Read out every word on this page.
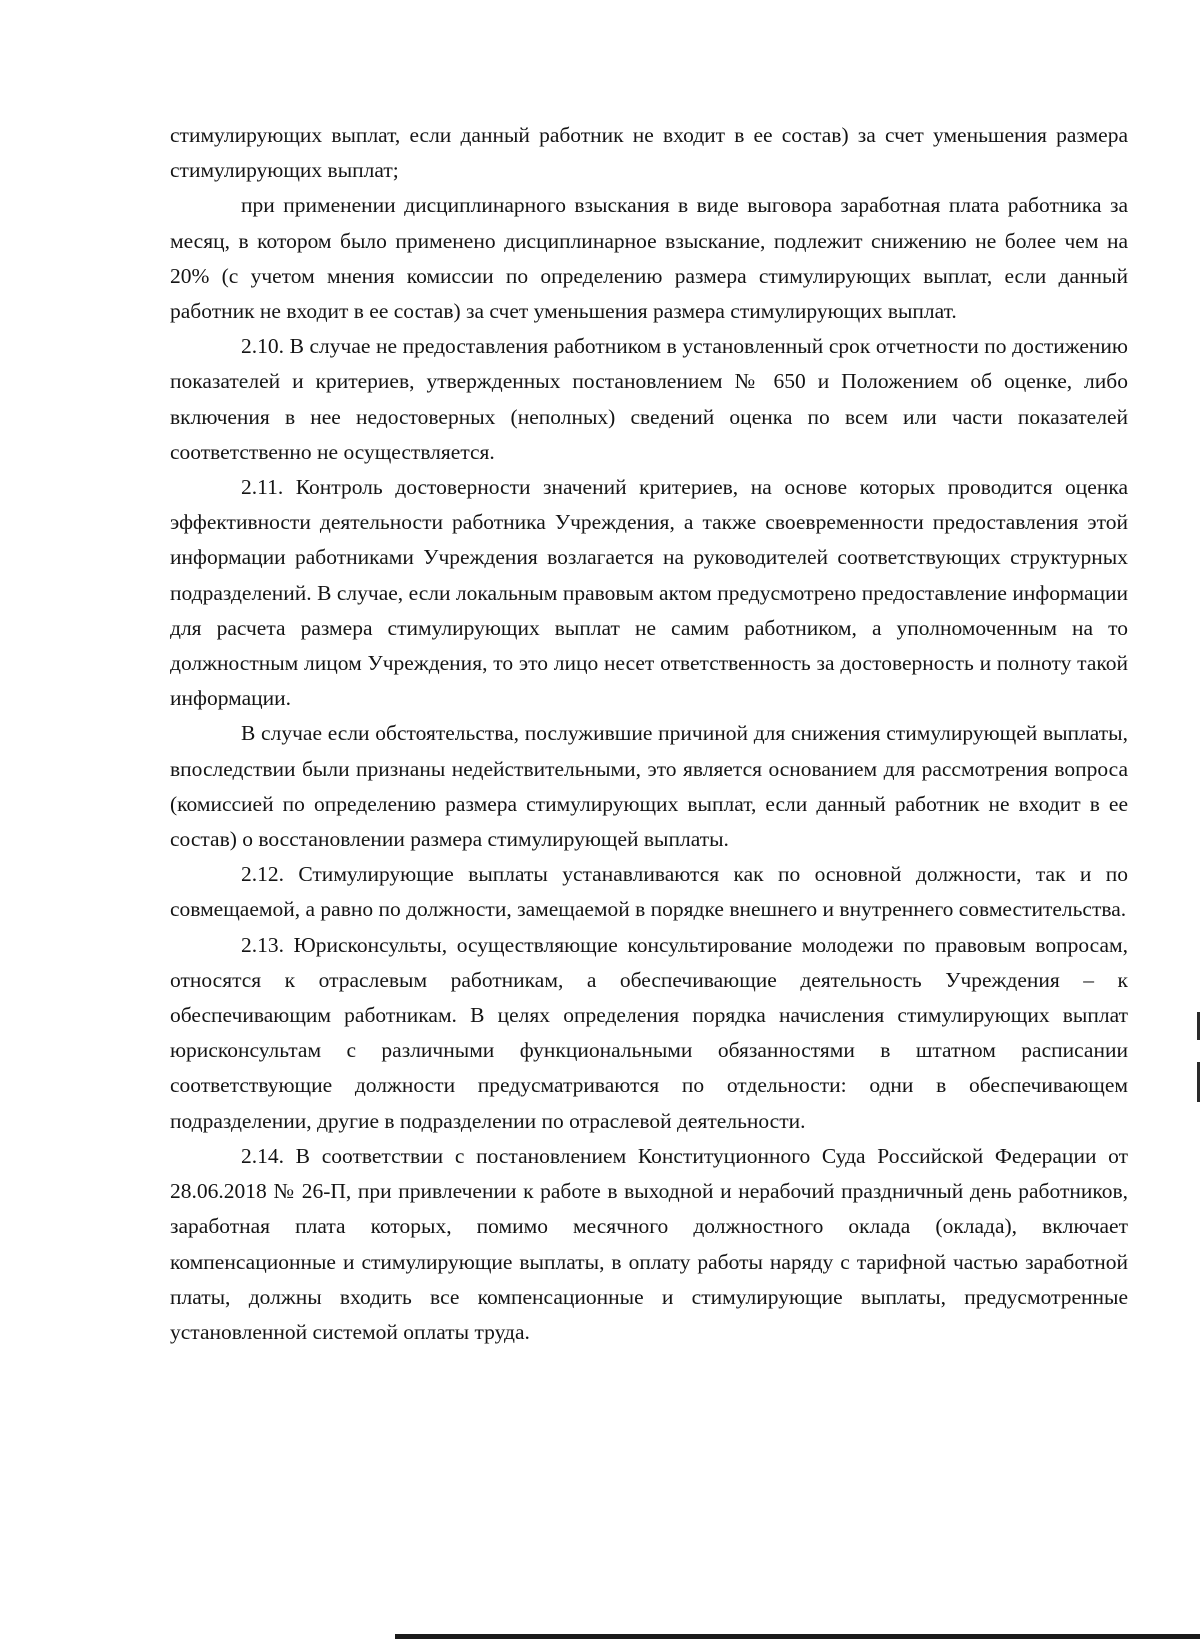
стимулирующих выплат, если данный работник не входит в ее состав) за счет уменьшения размера стимулирующих выплат;

при применении дисциплинарного взыскания в виде выговора заработная плата работника за месяц, в котором было применено дисциплинарное взыскание, подлежит снижению не более чем на 20% (с учетом мнения комиссии по определению размера стимулирующих выплат, если данный работник не входит в ее состав) за счет уменьшения размера стимулирующих выплат.

2.10. В случае не предоставления работником в установленный срок отчетности по достижению показателей и критериев, утвержденных постановлением № 650 и Положением об оценке, либо включения в нее недостоверных (неполных) сведений оценка по всем или части показателей соответственно не осуществляется.

2.11. Контроль достоверности значений критериев, на основе которых проводится оценка эффективности деятельности работника Учреждения, а также своевременности предоставления этой информации работниками Учреждения возлагается на руководителей соответствующих структурных подразделений. В случае, если локальным правовым актом предусмотрено предоставление информации для расчета размера стимулирующих выплат не самим работником, а уполномоченным на то должностным лицом Учреждения, то это лицо несет ответственность за достоверность и полноту такой информации.

В случае если обстоятельства, послужившие причиной для снижения стимулирующей выплаты, впоследствии были признаны недействительными, это является основанием для рассмотрения вопроса (комиссией по определению размера стимулирующих выплат, если данный работник не входит в ее состав) о восстановлении размера стимулирующей выплаты.

2.12. Стимулирующие выплаты устанавливаются как по основной должности, так и по совмещаемой, а равно по должности, замещаемой в порядке внешнего и внутреннего совместительства.

2.13. Юрисконсульты, осуществляющие консультирование молодежи по правовым вопросам, относятся к отраслевым работникам, а обеспечивающие деятельность Учреждения – к обеспечивающим работникам. В целях определения порядка начисления стимулирующих выплат юрисконсультам с различными функциональными обязанностями в штатном расписании соответствующие должности предусматриваются по отдельности: одни в обеспечивающем подразделении, другие в подразделении по отраслевой деятельности.

2.14. В соответствии с постановлением Конституционного Суда Российской Федерации от 28.06.2018 № 26-П, при привлечении к работе в выходной и нерабочий праздничный день работников, заработная плата которых, помимо месячного должностного оклада (оклада), включает компенсационные и стимулирующие выплаты, в оплату работы наряду с тарифной частью заработной платы, должны входить все компенсационные и стимулирующие выплаты, предусмотренные установленной системой оплаты труда.
